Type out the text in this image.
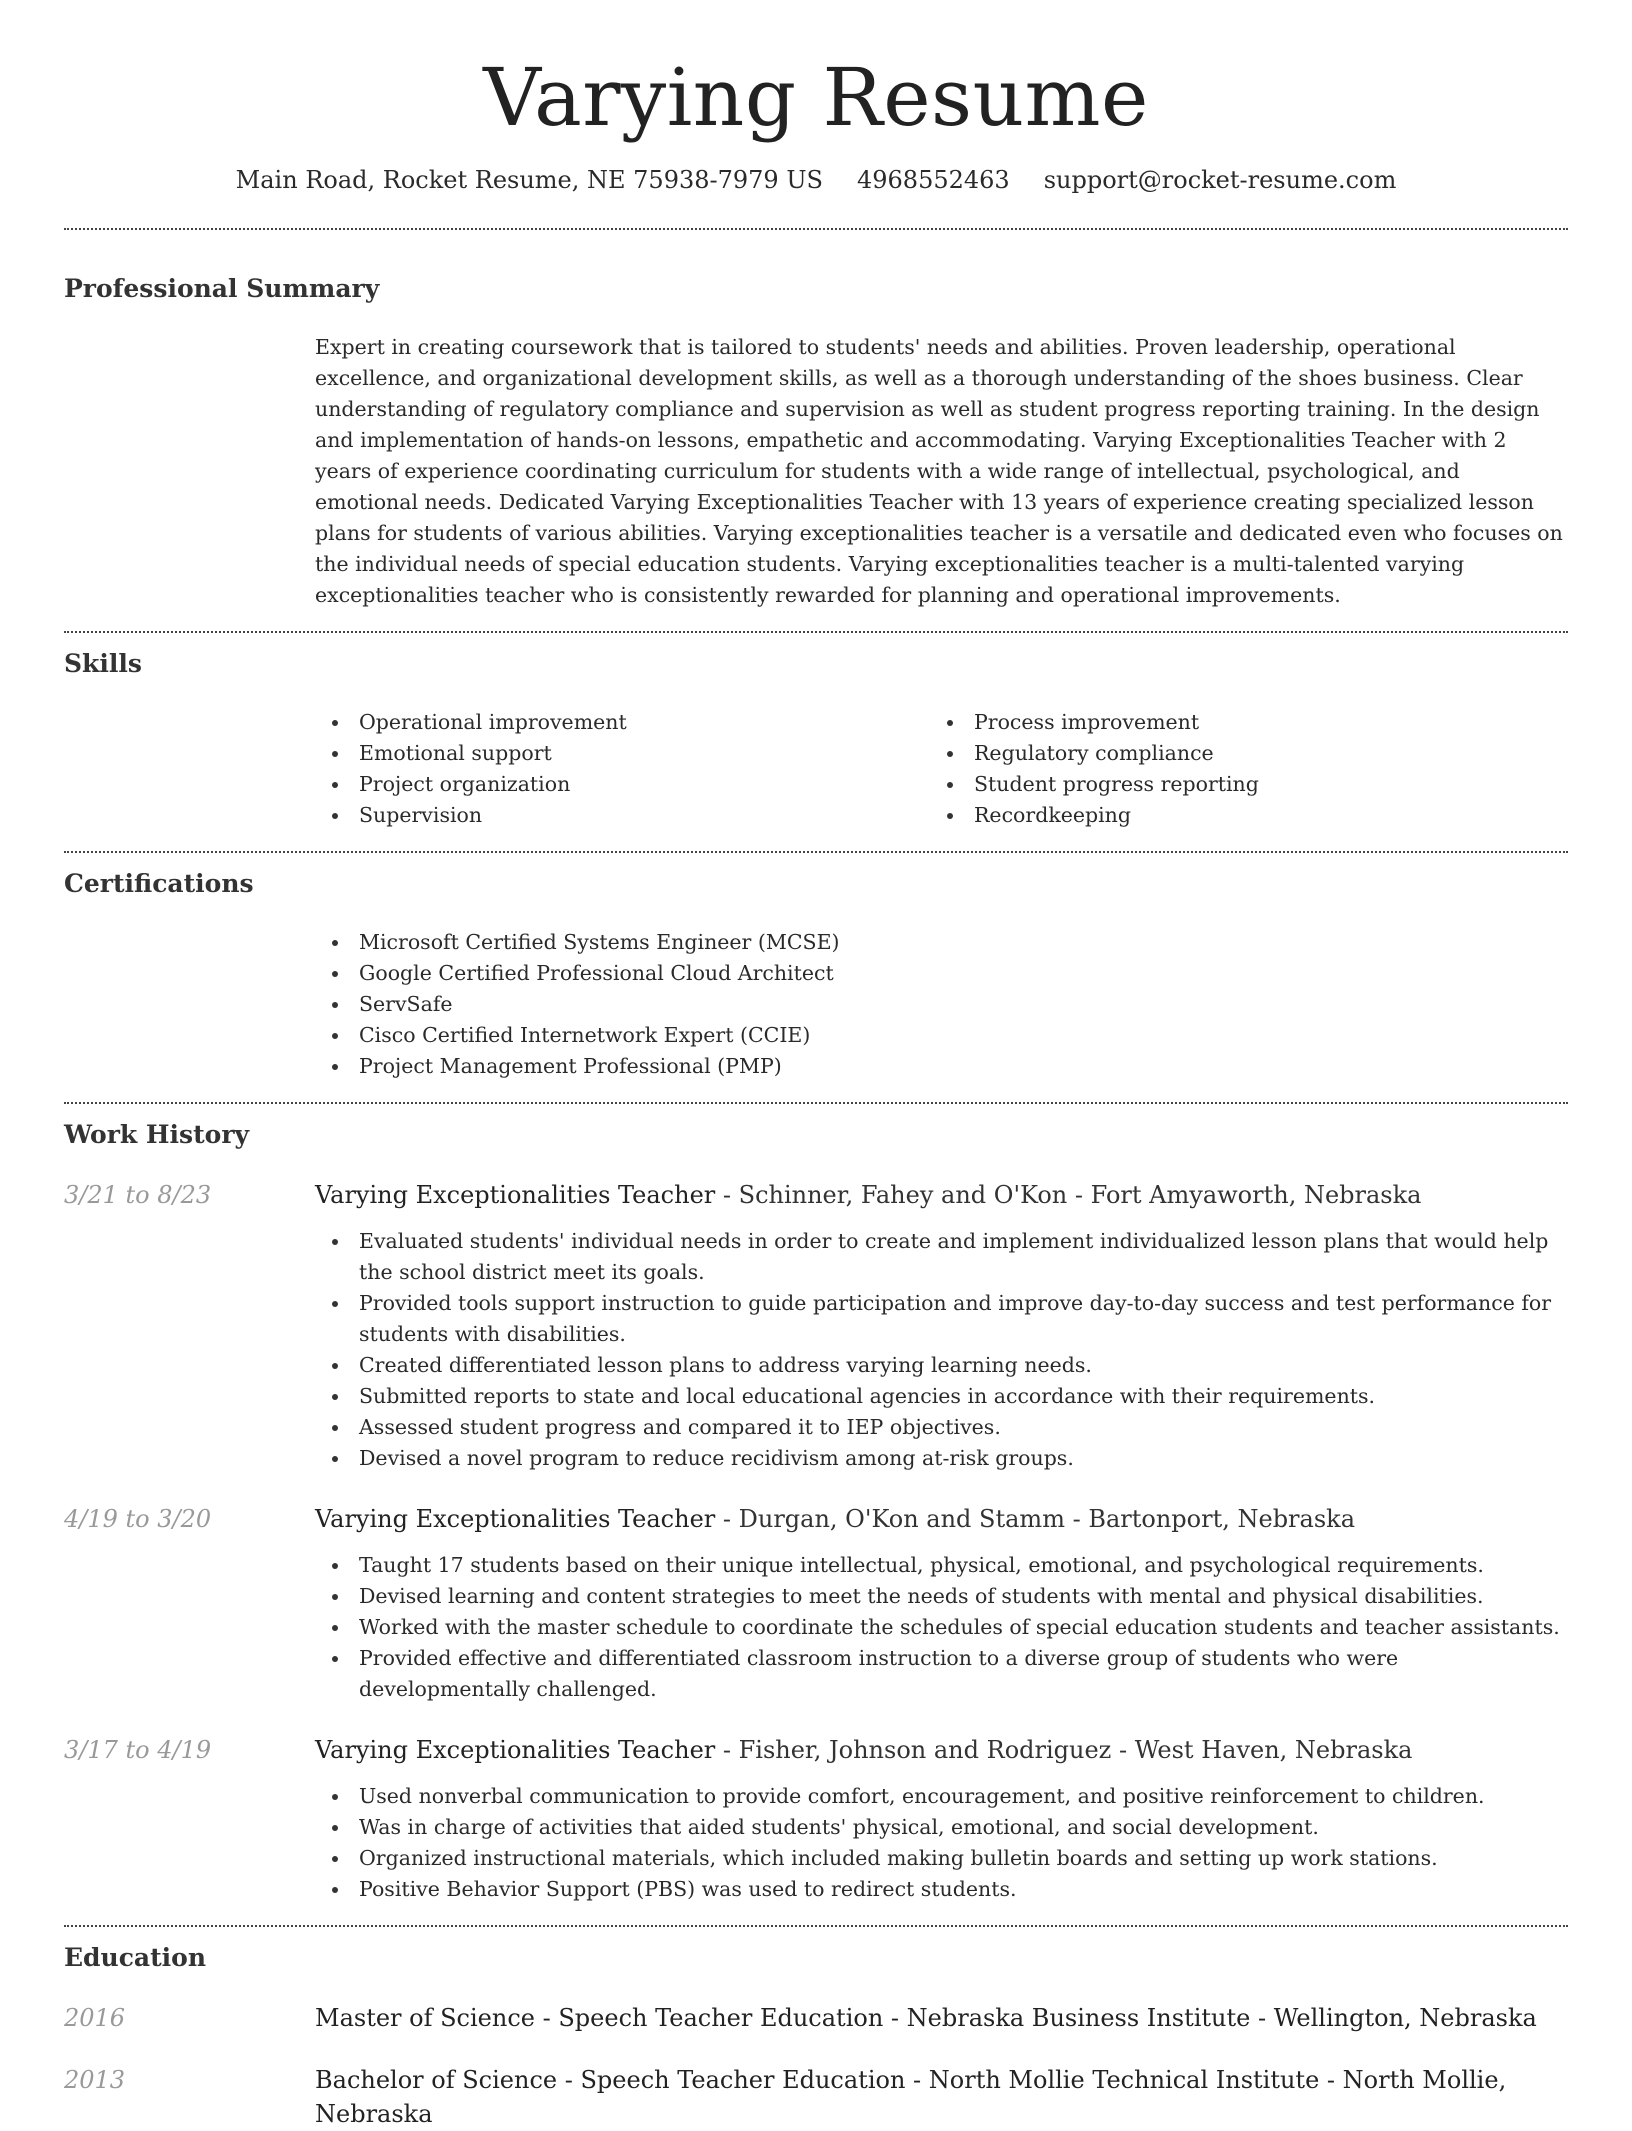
Varying Resume
Main Road, Rocket Resume, NE 75938-7979 US 4968552463 support@rocket-resume.com
Professional Summary

Expert in creating coursework that is tailored to students' needs and abilities. Proven leadership, operational excellence, and organizational development skills, as well as a thorough understanding of the shoes business. Clear understanding of regulatory compliance and supervision as well as student progress reporting training. In the design and implementation of hands-on lessons, empathetic and accommodating. Varying Exceptionalities Teacher with 2 years of experience coordinating curriculum for students with a wide range of intellectual, psychological, and emotional needs. Dedicated Varying Exceptionalities Teacher with 13 years of experience creating specialized lesson plans for students of various abilities. Varying exceptionalities teacher is a versatile and dedicated even who focuses on the individual needs of special education students. Varying exceptionalities teacher is a multi-talented varying exceptionalities teacher who is consistently rewarded for planning and operational improvements.

Skills
Operational improvement
Emotional support
Project organization
Supervision
Process improvement
Regulatory compliance
Student progress reporting
Recordkeeping
Certifications
Microsoft Certified Systems Engineer (MCSE)
Google Certified Professional Cloud Architect
ServSafe
Cisco Certified Internetwork Expert (CCIE)
Project Management Professional (PMP)
Work History
3/21 to 8/23	Varying Exceptionalities Teacher - Schinner, Fahey and O'Kon - Fort Amyaworth, Nebraska
Evaluated students' individual needs in order to create and implement individualized lesson plans that would help the school district meet its goals.
Provided tools support instruction to guide participation and improve day-to-day success and test performance for students with disabilities.
Created differentiated lesson plans to address varying learning needs.
Submitted reports to state and local educational agencies in accordance with their requirements.
Assessed student progress and compared it to IEP objectives.
Devised a novel program to reduce recidivism among at-risk groups.
4/19 to 3/20	Varying Exceptionalities Teacher - Durgan, O'Kon and Stamm - Bartonport, Nebraska
Taught 17 students based on their unique intellectual, physical, emotional, and psychological requirements.
Devised learning and content strategies to meet the needs of students with mental and physical disabilities.
Worked with the master schedule to coordinate the schedules of special education students and teacher assistants.
Provided effective and differentiated classroom instruction to a diverse group of students who were developmentally challenged.
3/17 to 4/19	Varying Exceptionalities Teacher - Fisher, Johnson and Rodriguez - West Haven, Nebraska
Used nonverbal communication to provide comfort, encouragement, and positive reinforcement to children.
Was in charge of activities that aided students' physical, emotional, and social development.
Organized instructional materials, which included making bulletin boards and setting up work stations.
Positive Behavior Support (PBS) was used to redirect students.
Education
2016	Master of Science - Speech Teacher Education - Nebraska Business Institute - Wellington, Nebraska
2013	Bachelor of Science - Speech Teacher Education - North Mollie Technical Institute - North Mollie, Nebraska
